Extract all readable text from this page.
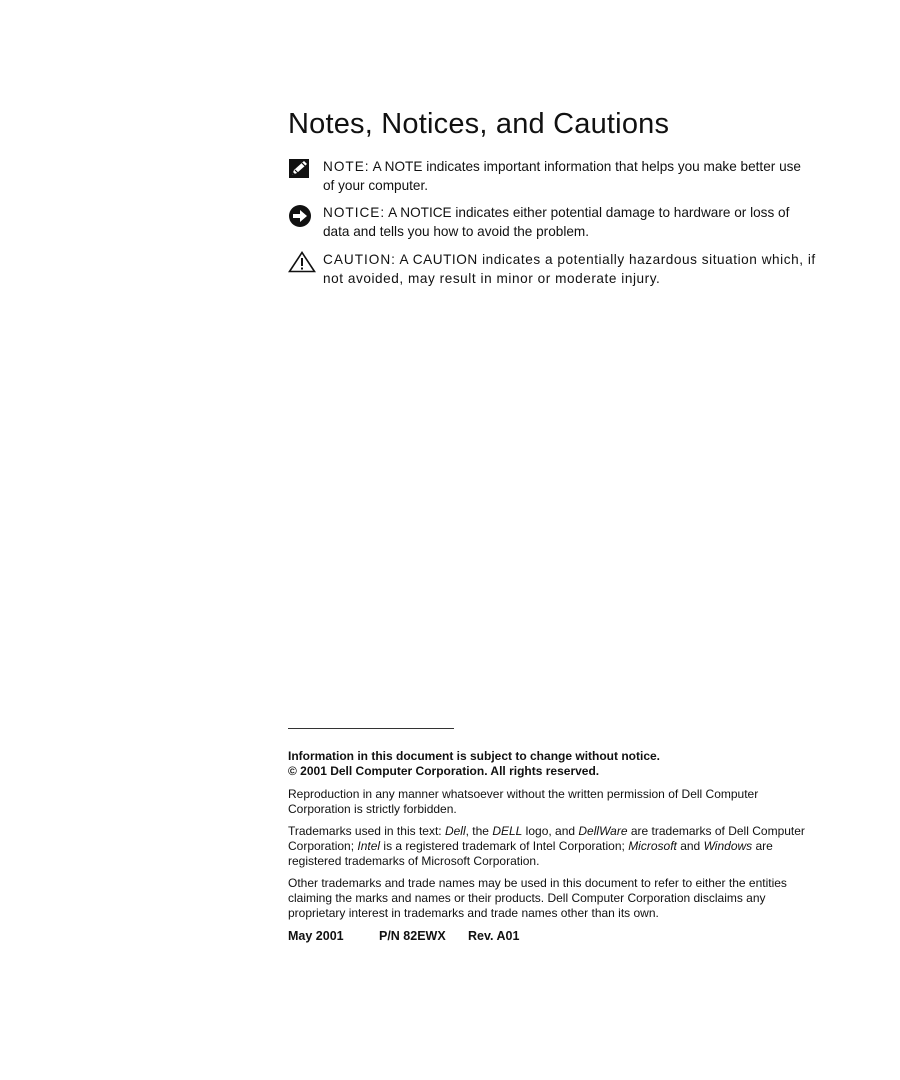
Notes, Notices, and Cautions
NOTE: A NOTE indicates important information that helps you make better use of your computer.
NOTICE: A NOTICE indicates either potential damage to hardware or loss of data and tells you how to avoid the problem.
CAUTION: A CAUTION indicates a potentially hazardous situation which, if not avoided, may result in minor or moderate injury.

Information in this document is subject to change without notice.
© 2001 Dell Computer Corporation. All rights reserved.

Reproduction in any manner whatsoever without the written permission of Dell Computer Corporation is strictly forbidden.

Trademarks used in this text: Dell, the DELL logo, and DellWare are trademarks of Dell Computer Corporation; Intel is a registered trademark of Intel Corporation; Microsoft and Windows are registered trademarks of Microsoft Corporation.

Other trademarks and trade names may be used in this document to refer to either the entities claiming the marks and names or their products. Dell Computer Corporation disclaims any proprietary interest in trademarks and trade names other than its own.

May 2001	P/N 82EWX Rev. A01
